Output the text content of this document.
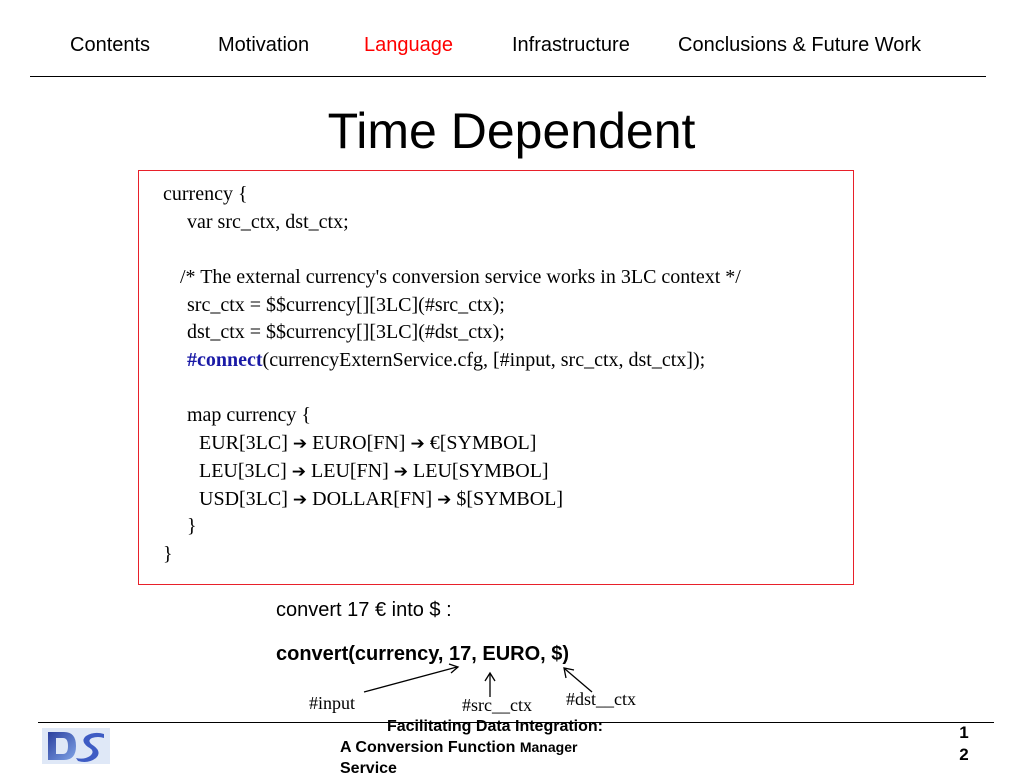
Contents	Motivation	Language	Infrastructure Conclusions & Future Work
Time Dependent
currency {
var src_ctx, dst_ctx;
/* The external currency's conversion service works in 3LC context */
src_ctx = $$currency[][3LC](#src_ctx);
dst_ctx = $$currency[][3LC](#dst_ctx);
#connect(currencyExternService.cfg, [#input, src_ctx, dst_ctx]);
map currency {
EUR[3LC] ➔ EURO[FN] ➔ €[SYMBOL]
LEU[3LC] ➔ LEU[FN] ➔ LEU[SYMBOL]
USD[3LC] ➔ DOLLAR[FN] ➔ $[SYMBOL]
}
}
convert 17 € into $ :
convert(currency, 17, EURO, $)
#input	#src__ctx #dst__ctx
Facilitating Data Integration:
A Conversion Function Manager
Service
1
2
